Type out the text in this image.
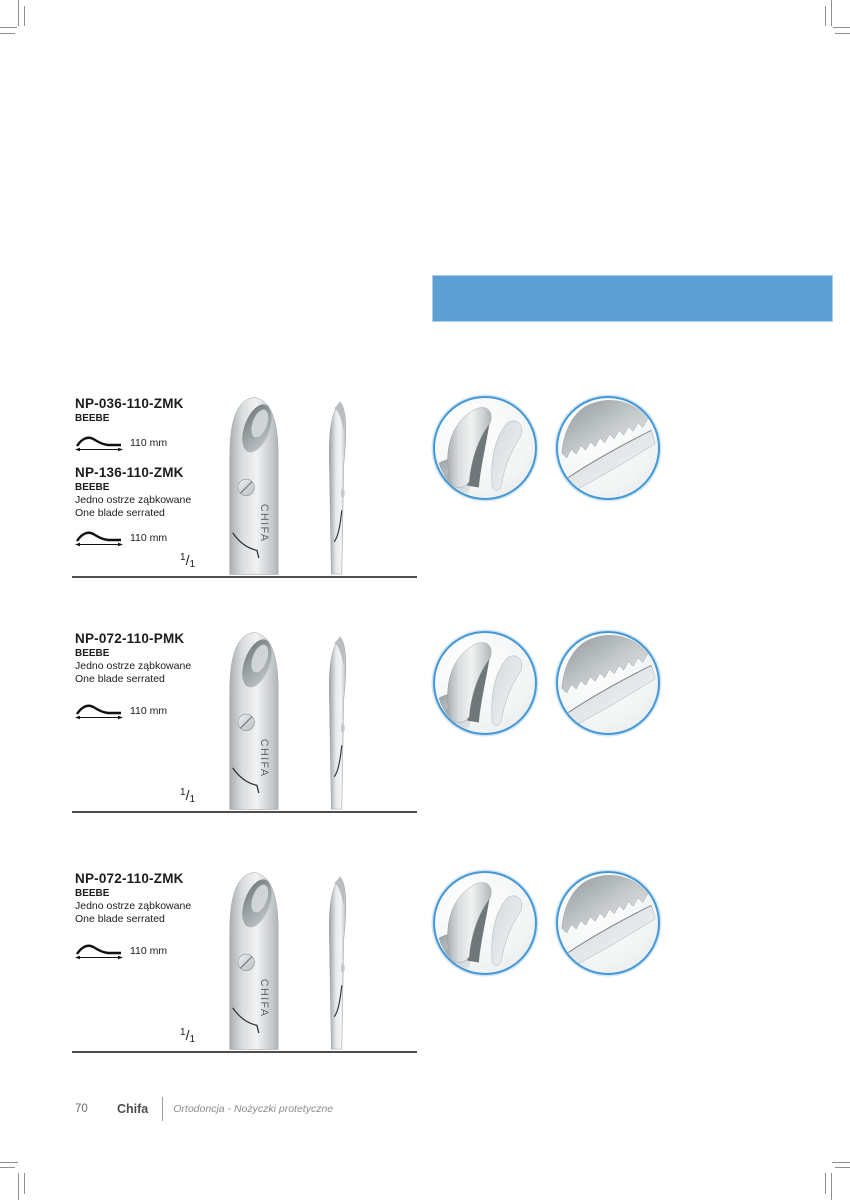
NP-036-110-ZMK
BEEBE
110 mm
NP-136-110-ZMK
BEEBE
Jedno ostrze ząbkowane
One blade serrated
110 mm
$^1$/1
CHIFA
NP-072-110-PMK
BEEBE
Jedno ostrze ząbkowane
One blade serrated
110 mm
$^1$/1
CHIFA
NP-072-110-ZMK
BEEBE
Jedno ostrze ząbkowane
One blade serrated
110 mm
$^1$/1
CHIFA
70	Chifa Ortodoncja - Nożyczki protetyczne
